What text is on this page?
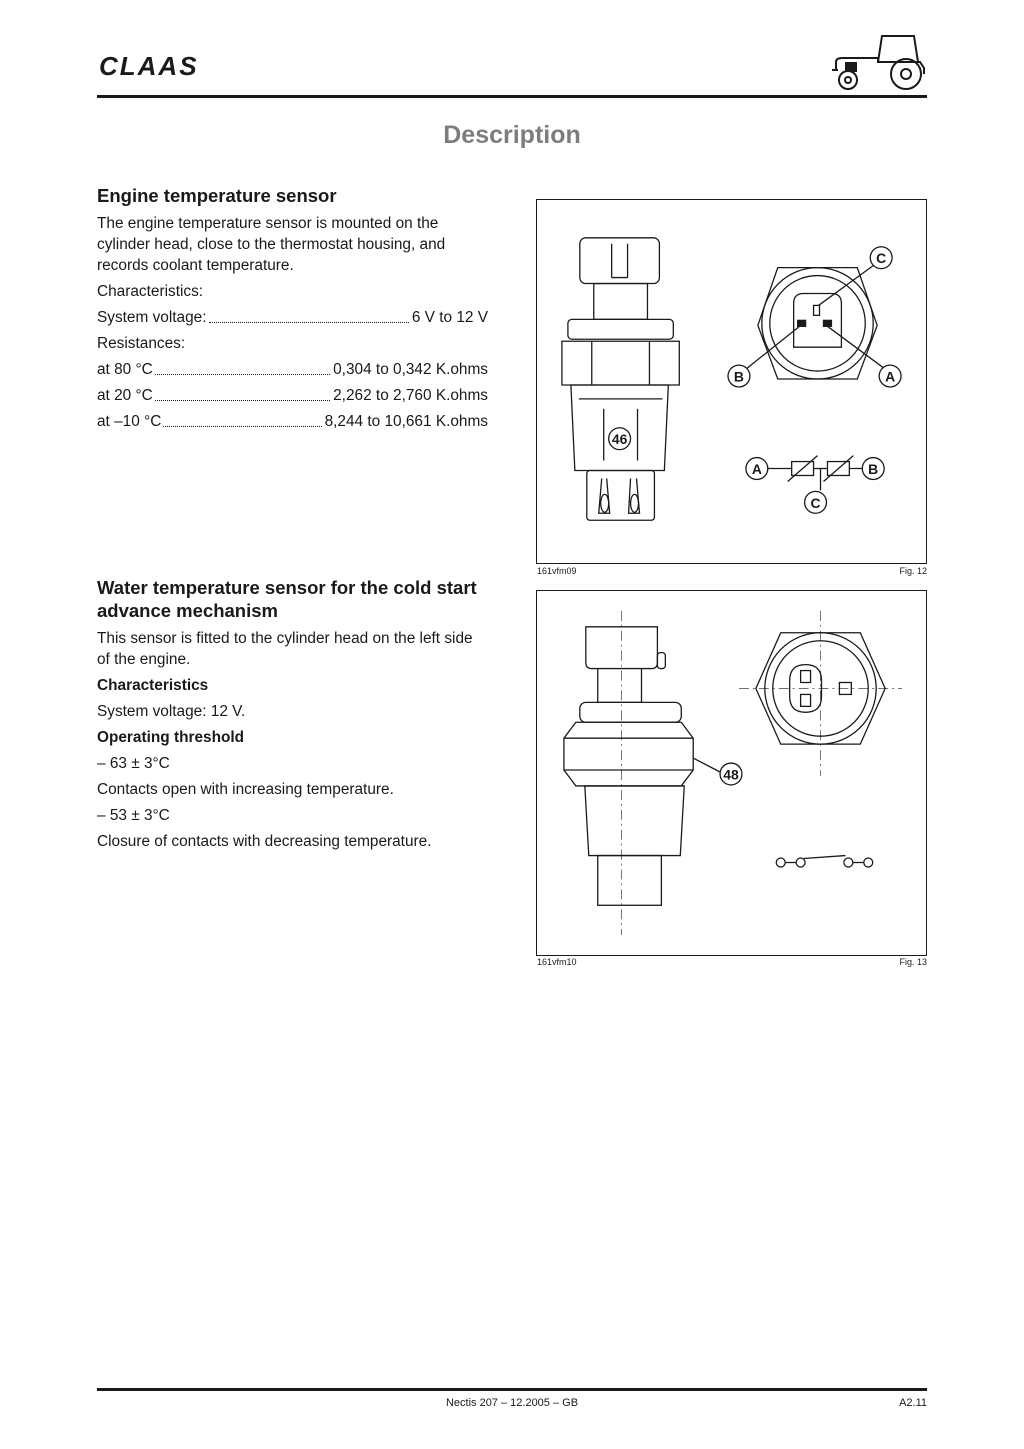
CLAAS
Description
Engine temperature sensor

The engine temperature sensor is mounted on the cylinder head, close to the thermostat housing, and records coolant temperature.

Characteristics:

System voltage:	6 V to 12 V

Resistances:

at 80 °C	0,304 to 0,342 K.ohms
at 20 °C	2,262 to 2,760 K.ohms
at –10 °C	8,244 to 10,661 K.ohms
Water temperature sensor for the cold start advance mechanism

This sensor is fitted to the cylinder head on the left side of the engine.

Characteristics

System voltage: 12 V.

Operating threshold

– 63 ± 3°C

Contacts open with increasing temperature.

– 53 ± 3°C

Closure of contacts with decreasing temperature.

46
C
B	A
A	B
C
161vfm09	Fig. 12
48
161vfm10	Fig. 13
Nectis 207 – 12.2005 – GB	A2.11
